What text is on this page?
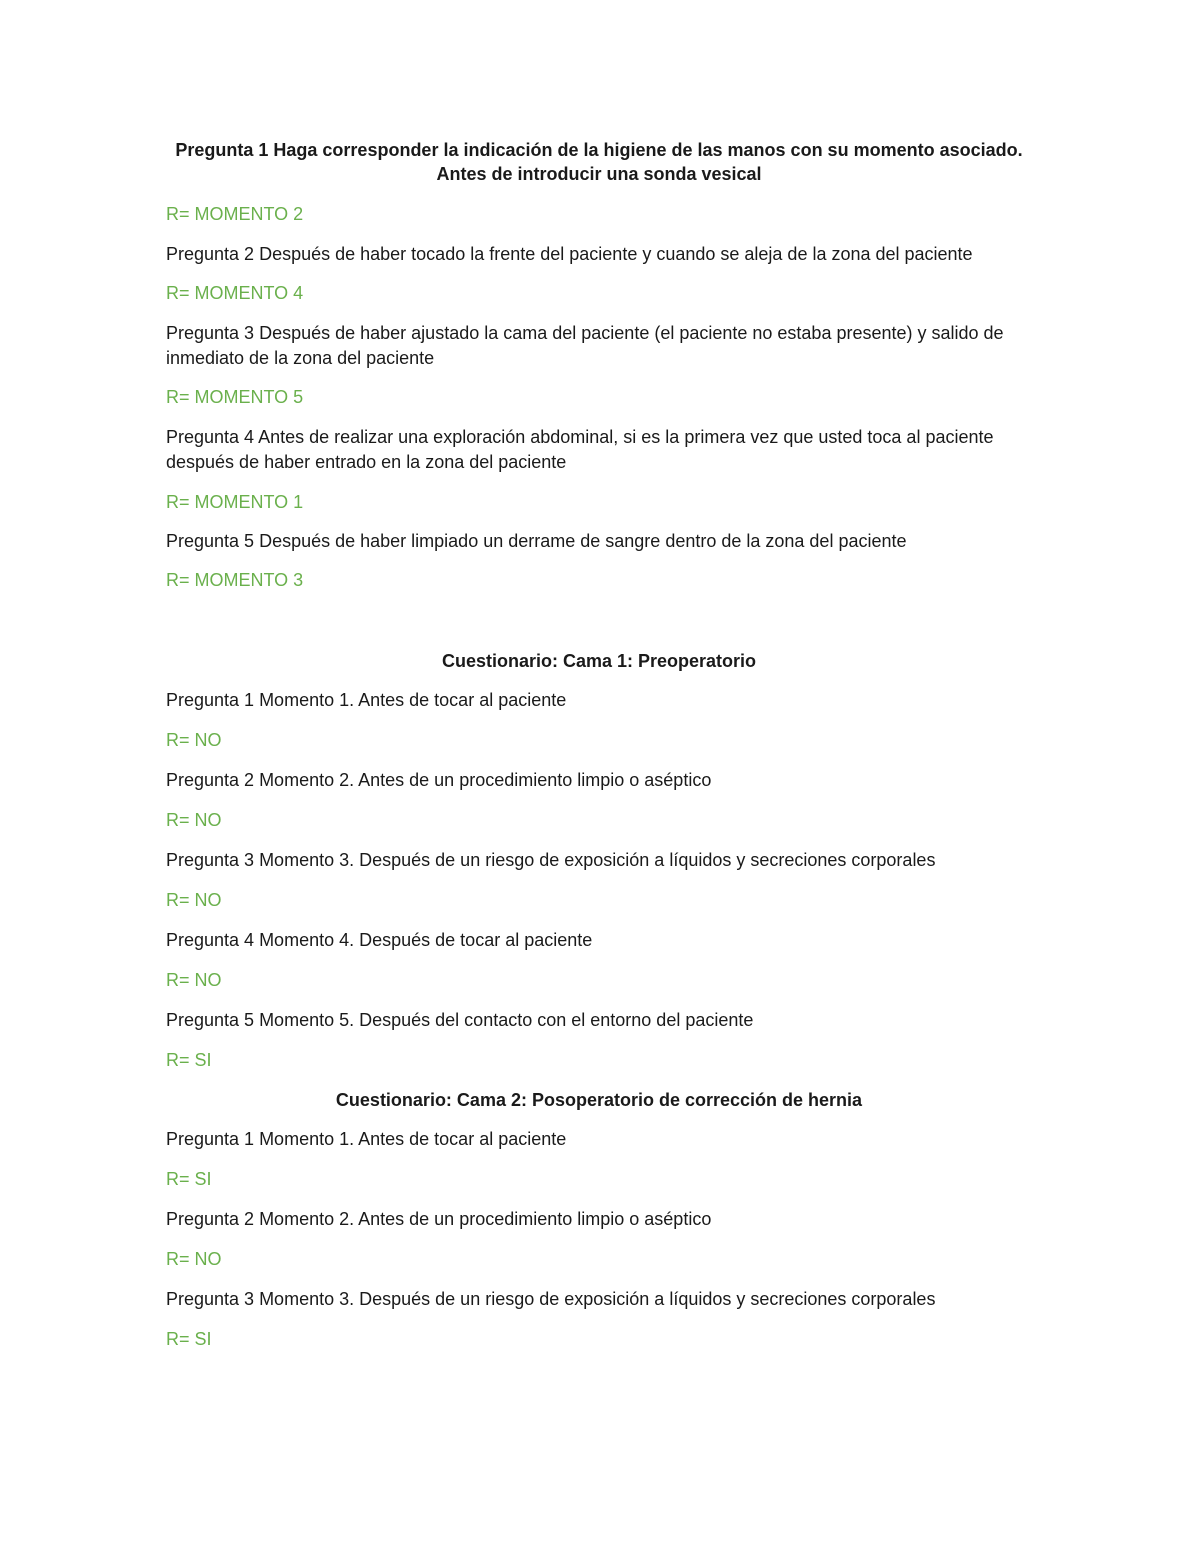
Pregunta 1 Haga corresponder la indicación de la higiene de las manos con su momento asociado. Antes de introducir una sonda vesical

R= MOMENTO 2

Pregunta 2 Después de haber tocado la frente del paciente y cuando se aleja de la zona del paciente

R= MOMENTO 4

Pregunta 3 Después de haber ajustado la cama del paciente (el paciente no estaba presente) y salido de inmediato de la zona del paciente

R= MOMENTO 5

Pregunta 4 Antes de realizar una exploración abdominal, si es la primera vez que usted toca al paciente después de haber entrado en la zona del paciente

R= MOMENTO 1

Pregunta 5 Después de haber limpiado un derrame de sangre dentro de la zona del paciente

R= MOMENTO 3

Cuestionario: Cama 1: Preoperatorio

Pregunta 1 Momento 1. Antes de tocar al paciente

R= NO

Pregunta 2 Momento 2. Antes de un procedimiento limpio o aséptico

R= NO

Pregunta 3 Momento 3. Después de un riesgo de exposición a líquidos y secreciones corporales

R= NO

Pregunta 4 Momento 4. Después de tocar al paciente

R= NO

Pregunta 5 Momento 5. Después del contacto con el entorno del paciente

R= SI

Cuestionario: Cama 2: Posoperatorio de corrección de hernia

Pregunta 1 Momento 1. Antes de tocar al paciente

R= SI

Pregunta 2 Momento 2. Antes de un procedimiento limpio o aséptico

R= NO

Pregunta 3 Momento 3. Después de un riesgo de exposición a líquidos y secreciones corporales

R= SI
